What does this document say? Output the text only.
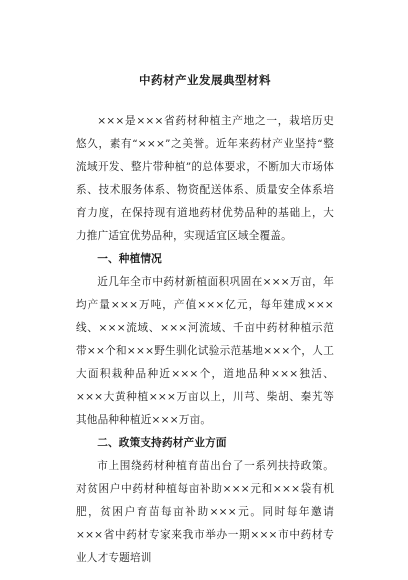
中药材产业发展典型材料

×××是×××省药材种植主产地之一，栽培历史悠久，素有“×××”之美誉。近年来药材产业坚持“整流域开发、整片带种植”的总体要求，不断加大市场体系、技术服务体系、物资配送体系、质量安全体系培育力度，在保持现有道地药材优势品种的基础上，大力推广适宜优势品种，实现适宜区域全覆盖。

一、种植情况

近几年全市中药材新植面积巩固在×××万亩，年均产量×××万吨，产值×××亿元，每年建成×××线、×××流域、×××河流域、千亩中药材种植示范带××个和×××野生驯化试验示范基地×××个，人工大面积栽种品种近×××个，道地品种×××独活、×××大黄种植×××万亩以上，川芎、柴胡、秦艽等其他品种种植近×××万亩。

二、政策支持药材产业方面

市上围绕药材种植育苗出台了一系列扶持政策。对贫困户中药材种植每亩补助×××元和×××袋有机肥，贫困户育苗每亩补助×××元。同时每年邀请×××省中药材专家来我市举办一期×××市中药材专业人才专题培训
